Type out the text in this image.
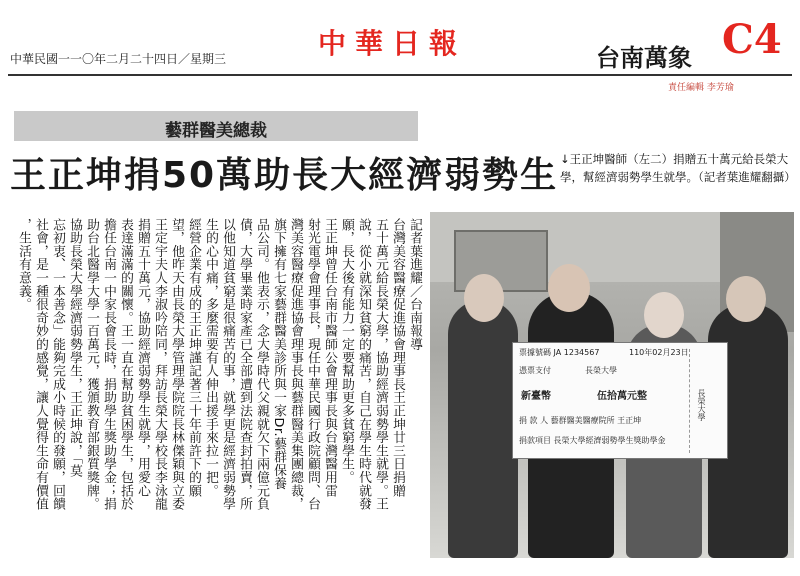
中華民國一一〇年二月二十四日／星期三	中華日報	台南萬象 C4
責任編輯 李芳瑜
藝群醫美總裁
王正坤捐50萬助長大經濟弱勢生 ↓王正坤醫師（左二）捐贈五十萬元給長榮大學，幫經濟弱勢學生就學。（記者葉進耀翻攝）
記者葉進耀／台南報導
台灣美容醫療促進協會理事長王正坤廿三日捐贈
五十萬元給長榮大學，協助經濟弱勢學生就學。王
說，從小就深知貧窮的痛苦，自己在學生時代就發
願，長大後有能力一定要幫助更多貧窮學生。
王正坤曾任台南市醫師公會理事長與台灣醫用雷
射光電學會理事長，現任中華民國行政院顧問、台
灣美容醫療促進協會理事長與藝群醫美集團總裁，
旗下擁有七家藝群醫美診所與一家Dr.藝群保養
品公司。他表示，念大學時代父親就欠下兩億元負
債，大學畢業時家產已全部遭到法院查封拍賣，所
以他知道貧窮是很痛苦的事，就學更是經濟弱勢學
生的心中痛，多麼需要有人伸出援手來拉一把。
經營企業有成的王正坤謹記著三十年前許下的願
望，他昨天由長榮大學管理學院院長林傑穎與立委
王定宇夫人李淑吟陪同，拜訪長榮大學校長李泳龍
捐贈五十萬元，協助經濟弱勢學生就學，用愛心
表達滿滿的關懷。王一直在幫助貧困學生，包括於
擔任台南一中家長會長時，捐助學生獎助學金；捐
助台北醫學大學一百萬元，獲頒教育部銀質獎牌。
協助長榮大學經濟弱勢學生，王正坤說，「莫
忘初衷、一本善念」能夠完成小時候的發願，回饋
社會，是一種很奇妙的感覺，讓人覺得生命有價值
，生活有意義。
票據號碼 JA 1234567	110年02月23日
憑票支付	長榮大學
新臺幣	伍拾萬元整
捐 款 人 藝群醫美醫療院所 王正坤
捐款項目 長榮大學經濟弱勢學生獎助學金
長榮大學
